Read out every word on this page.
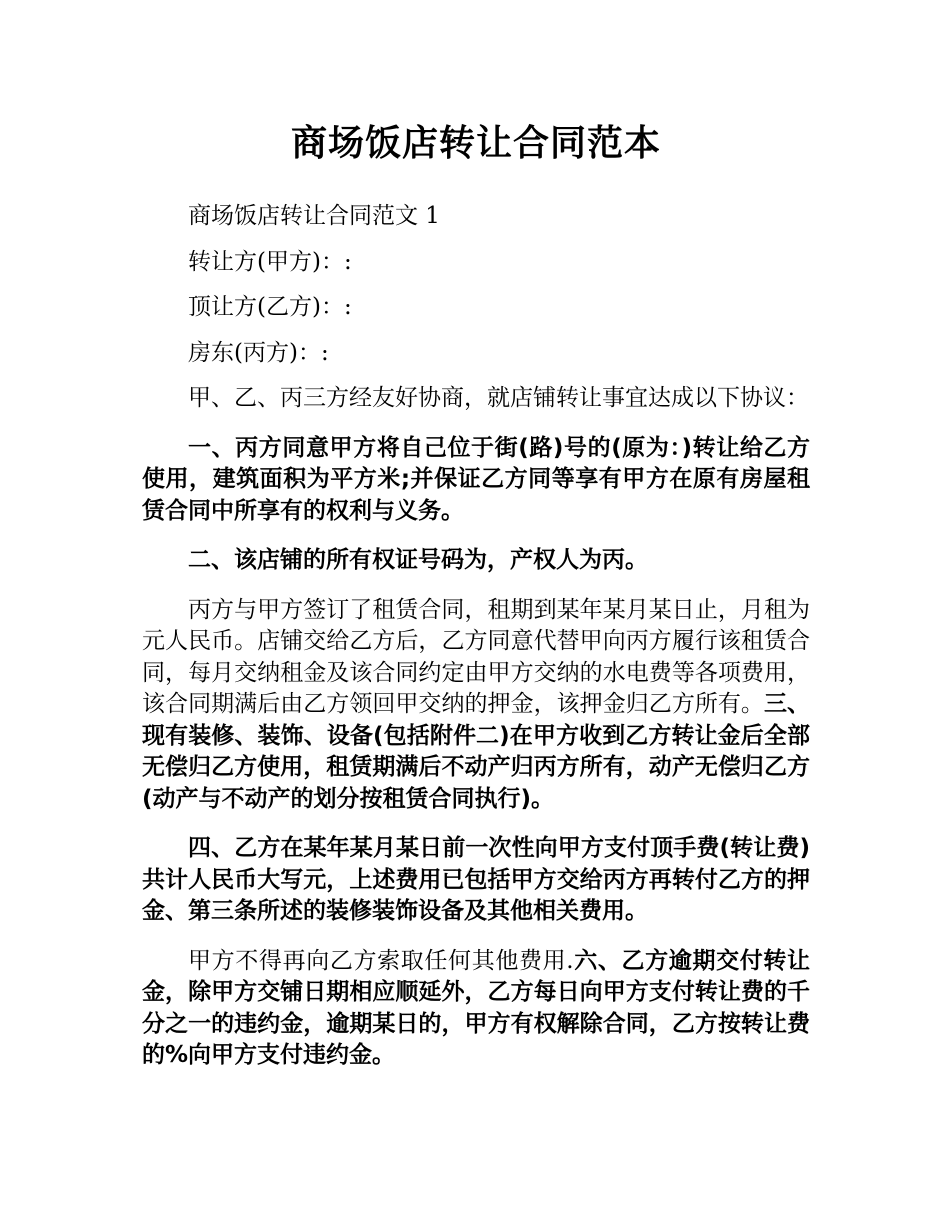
商场饭店转让合同范本

商场饭店转让合同范文 1

转让方(甲方)：:

顶让方(乙方)：:

房东(丙方)：:

甲、乙、丙三方经友好协商，就店铺转让事宜达成以下协议：

一、丙方同意甲方将自己位于街(路)号的(原为：)转让给乙方使用，建筑面积为平方米;并保证乙方同等享有甲方在原有房屋租赁合同中所享有的权利与义务。

二、该店铺的所有权证号码为，产权人为丙。

丙方与甲方签订了租赁合同，租期到某年某月某日止，月租为元人民币。店铺交给乙方后，乙方同意代替甲向丙方履行该租赁合同，每月交纳租金及该合同约定由甲方交纳的水电费等各项费用，该合同期满后由乙方领回甲交纳的押金，该押金归乙方所有。三、现有装修、装饰、设备(包括附件二)在甲方收到乙方转让金后全部无偿归乙方使用，租赁期满后不动产归丙方所有，动产无偿归乙方(动产与不动产的划分按租赁合同执行)。

四、乙方在某年某月某日前一次性向甲方支付顶手费(转让费)共计人民币大写元，上述费用已包括甲方交给丙方再转付乙方的押金、第三条所述的装修装饰设备及其他相关费用。

甲方不得再向乙方索取任何其他费用.六、乙方逾期交付转让金，除甲方交铺日期相应顺延外，乙方每日向甲方支付转让费的千分之一的违约金，逾期某日的，甲方有权解除合同，乙方按转让费的%向甲方支付违约金。
